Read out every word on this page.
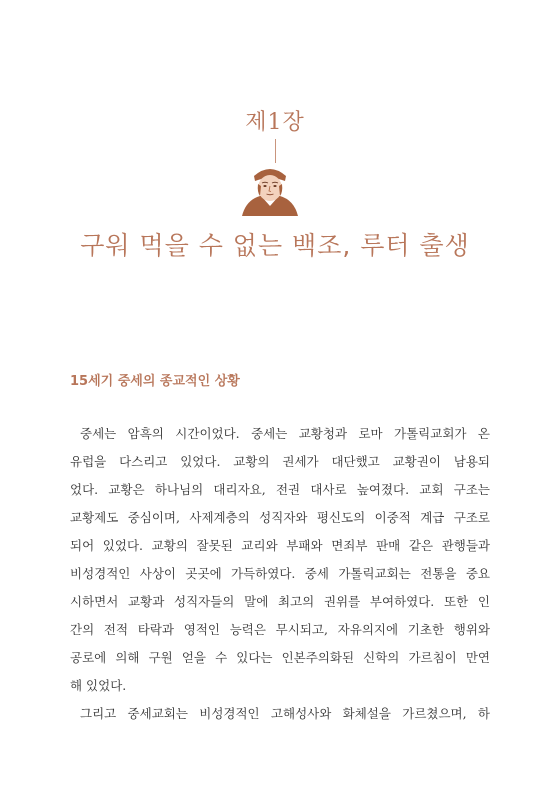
제1장
구워 먹을 수 없는 백조, 루터 출생
15세기 중세의 종교적인 상황
중세는 암흑의 시간이었다. 중세는 교황청과 로마 가톨릭교회가 온
유럽을 다스리고 있었다. 교황의 권세가 대단했고 교황권이 남용되
었다. 교황은 하나님의 대리자요, 전권 대사로 높여졌다. 교회 구조는
교황제도 중심이며, 사제계층의 성직자와 평신도의 이중적 계급 구조로
되어 있었다. 교황의 잘못된 교리와 부패와 면죄부 판매 같은 관행들과
비성경적인 사상이 곳곳에 가득하였다. 중세 가톨릭교회는 전통을 중요
시하면서 교황과 성직자들의 말에 최고의 권위를 부여하였다. 또한 인
간의 전적 타락과 영적인 능력은 무시되고, 자유의지에 기초한 행위와
공로에 의해 구원 얻을 수 있다는 인본주의화된 신학의 가르침이 만연
해 있었다.
그리고 중세교회는 비성경적인 고해성사와 화체설을 가르쳤으며, 하
